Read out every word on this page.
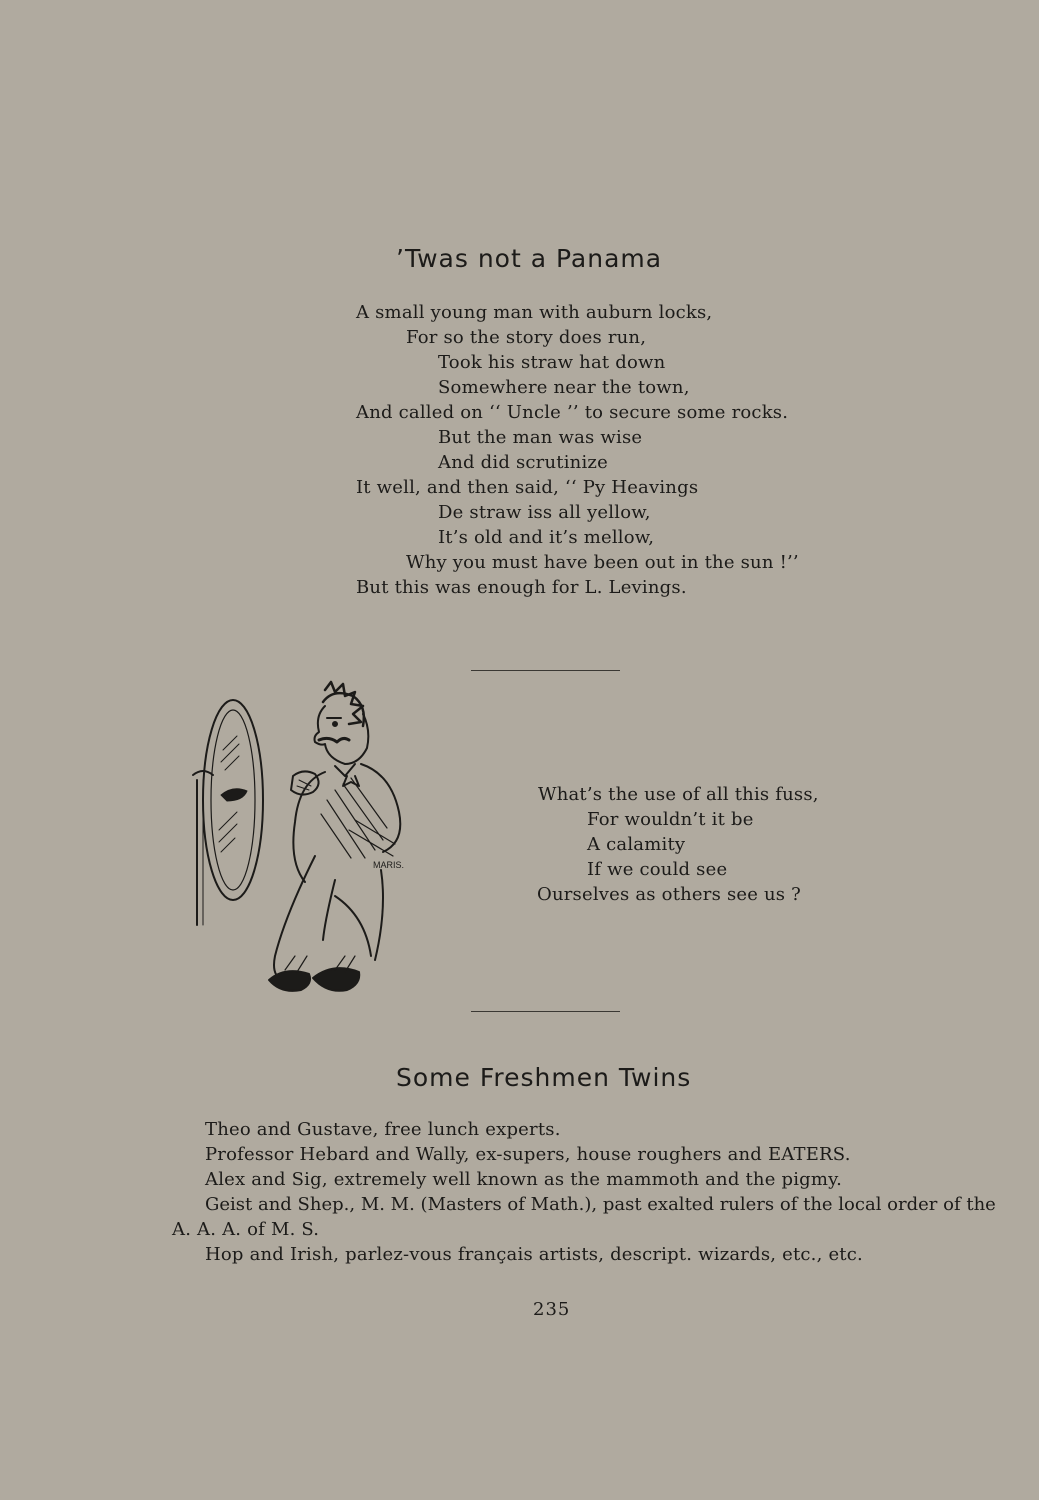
’Twas not a Panama
A small young man with auburn locks,
For so the story does run,
Took his straw hat down
Somewhere near the town,
And called on ‘‘ Uncle ’’ to secure some rocks.
But the man was wise
And did scrutinize
It well, and then said, ‘‘ Py Heavings
De straw iss all yellow,
It’s old and it’s mellow,
Why you must have been out in the sun !’’
But this was enough for L. Levings.
MARIS.
What’s the use of all this fuss,
For wouldn’t it be
A calamity
If we could see
Ourselves as others see us ?
Some Freshmen Twins
Theo and Gustave, free lunch experts.
Professor Hebard and Wally, ex-supers, house roughers and EATERS.
Alex and Sig, extremely well known as the mammoth and the pigmy.
Geist and Shep., M. M. (Masters of Math.), past exalted rulers of the local order of the
A. A. A. of M. S.
Hop and Irish, parlez-vous français artists, descript. wizards, etc., etc.
235
